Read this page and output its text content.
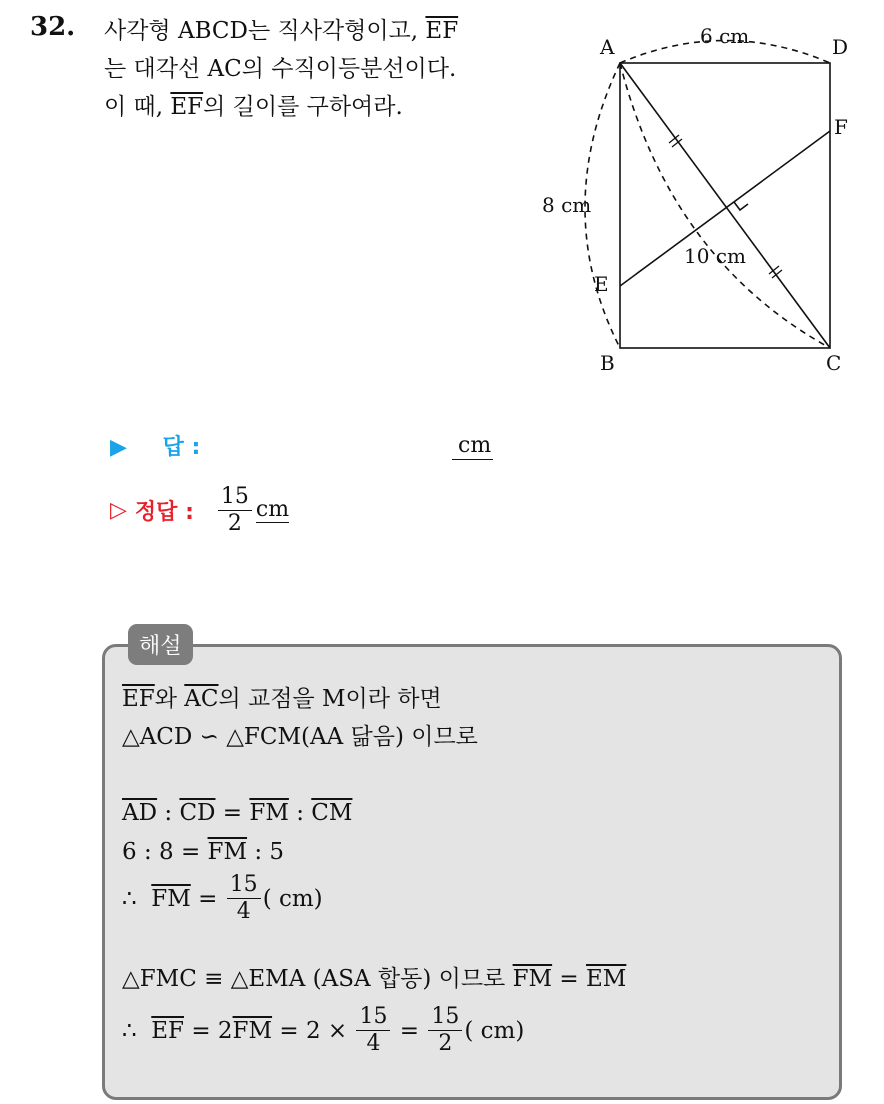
32. 사각형 ABCD는 직사각형이고, $\overline{EF}$
는 대각선 AC의 수직이등분선이다.
이 때, $\overline{EF}$의 길이를 구하여라.
A	D
F
E
B	C
6 cm
8 cm
10 cm
▶ 답 :	cm
▷ 정답 : $\frac{15}{2}$ cm
해설
$\overline{EF}$와 $\overline{AC}$의 교점을 M이라 하면
△ACD ∽ △FCM(AA 닮음) 이므로
$\overline{AD}$ : $\overline{CD} = \overline{FM}$ : $\overline{CM}$
6 : $8 = \overline{FM}$ : 5
∴ $\overline{FM} = \frac{15}{4}$ ( cm)
△FMC ≡ △EMA (ASA 합동) 이므로 $\overline{FM} = \overline{EM}$
∴ $\overline{EF} = 2$ $\overline{FM} = 2 \times \frac{15}{4} = \frac{15}{2}$ ( cm)
